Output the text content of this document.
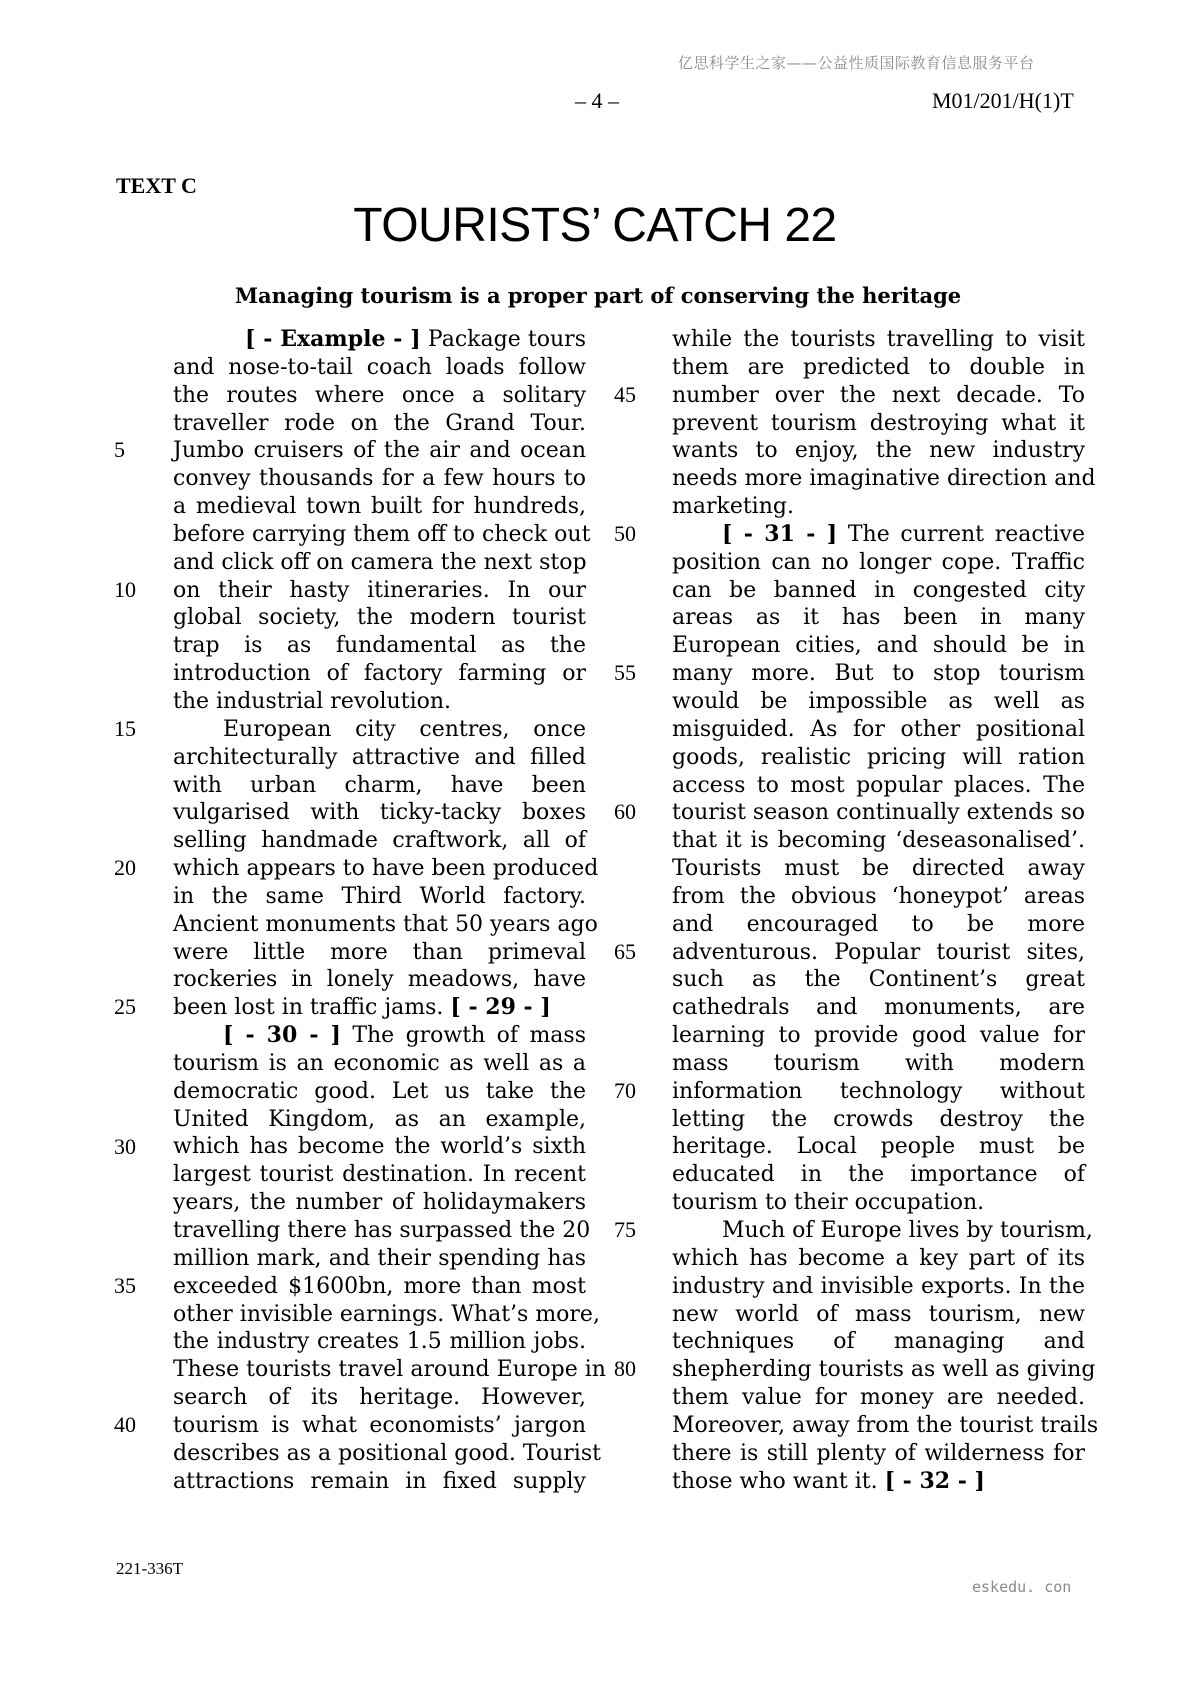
亿思科学生之家——公益性质国际教育信息服务平台
– 4 –	M01/201/H(1)T
TEXT C
TOURISTS’ CATCH 22
Managing tourism is a proper part of conserving the heritage
[ - Example - ] Package tours
and nose-to-tail coach loads follow
the routes where once a solitary
traveller rode on the Grand Tour.
Jumbo cruisers of the air and ocean
convey thousands for a few hours to
a medieval town built for hundreds,
before carrying them off to check out
and click off on camera the next stop
on their hasty itineraries. In our
global society, the modern tourist
trap is as fundamental as the
introduction of factory farming or
the industrial revolution.
European city centres, once
architecturally attractive and filled
with urban charm, have been
vulgarised with ticky-tacky boxes
selling handmade craftwork, all of
which appears to have been produced
in the same Third World factory.
Ancient monuments that 50 years ago
were little more than primeval
rockeries in lonely meadows, have
been lost in traffic jams. [ - 29 - ]
[ - 30 - ] The growth of mass
tourism is an economic as well as a
democratic good. Let us take the
United Kingdom, as an example,
which has become the world’s sixth
largest tourist destination. In recent
years, the number of holidaymakers
travelling there has surpassed the 20
million mark, and their spending has
exceeded $1600bn, more than most
other invisible earnings. What’s more,
the industry creates 1.5 million jobs.
These tourists travel around Europe in
search of its heritage. However,
tourism is what economists’ jargon
describes as a positional good. Tourist
attractions remain in fixed supply
while the tourists travelling to visit
them are predicted to double in
number over the next decade. To
prevent tourism destroying what it
wants to enjoy, the new industry
needs more imaginative direction and
marketing.
[ - 31 - ] The current reactive
position can no longer cope. Traffic
can be banned in congested city
areas as it has been in many
European cities, and should be in
many more. But to stop tourism
would be impossible as well as
misguided. As for other positional
goods, realistic pricing will ration
access to most popular places. The
tourist season continually extends so
that it is becoming ‘deseasonalised’.
Tourists must be directed away
from the obvious ‘honeypot’ areas
and encouraged to be more
adventurous. Popular tourist sites,
such as the Continent’s great
cathedrals and monuments, are
learning to provide good value for
mass tourism with modern
information technology without
letting the crowds destroy the
heritage. Local people must be
educated in the importance of
tourism to their occupation.
Much of Europe lives by tourism,
which has become a key part of its
industry and invisible exports. In the
new world of mass tourism, new
techniques of managing and
shepherding tourists as well as giving
them value for money are needed.
Moreover, away from the tourist trails
there is still plenty of wilderness for
those who want it. [ - 32 - ]
5
10
15
20
25
30
35
40
45
50
55
60
65
70
75
80
221-336T
eskedu. con
